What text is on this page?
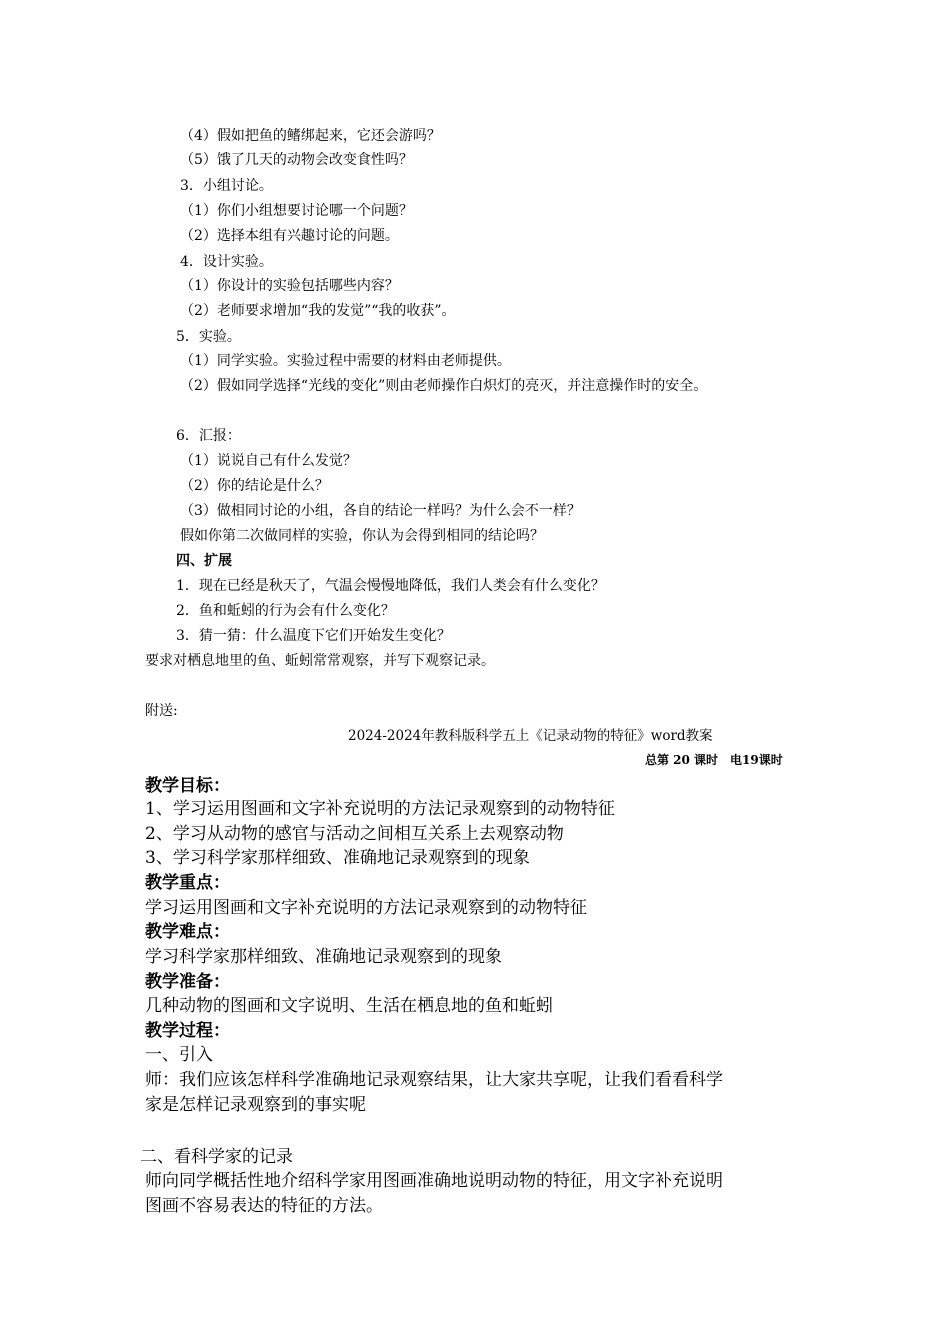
（4）假如把鱼的鳍绑起来，它还会游吗？
（5）饿了几天的动物会改变食性吗？
3．小组讨论。
（1）你们小组想要讨论哪一个问题？
（2）选择本组有兴趣讨论的问题。
4．设计实验。
（1）你设计的实验包括哪些内容？
（2）老师要求增加“我的发觉”“我的收获”。
5．实验。
（1）同学实验。实验过程中需要的材料由老师提供。
（2）假如同学选择“光线的变化”则由老师操作白炽灯的亮灭，并注意操作时的安全。
6．汇报：
（1）说说自己有什么发觉？
（2）你的结论是什么？
（3）做相同讨论的小组，各自的结论一样吗？为什么会不一样？
假如你第二次做同样的实验，你认为会得到相同的结论吗？
四、扩展
1．现在已经是秋天了，气温会慢慢地降低，我们人类会有什么变化？
2．鱼和蚯蚓的行为会有什么变化？
3．猜一猜：什么温度下它们开始发生变化？
要求对栖息地里的鱼、蚯蚓常常观察，并写下观察记录。
附送:
2024-2024年教科版科学五上《记录动物的特征》word教案
总第 20 课时　电19课时
教学目标：
1、学习运用图画和文字补充说明的方法记录观察到的动物特征
2、学习从动物的感官与活动之间相互关系上去观察动物
3、学习科学家那样细致、准确地记录观察到的现象
教学重点：
学习运用图画和文字补充说明的方法记录观察到的动物特征
教学难点：
学习科学家那样细致、准确地记录观察到的现象
教学准备：
几种动物的图画和文字说明、生活在栖息地的鱼和蚯蚓
教学过程：
一、引入
师：我们应该怎样科学准确地记录观察结果，让大家共享呢，让我们看看科学
家是怎样记录观察到的事实呢
二、看科学家的记录
师向同学概括性地介绍科学家用图画准确地说明动物的特征，用文字补充说明
图画不容易表达的特征的方法。
